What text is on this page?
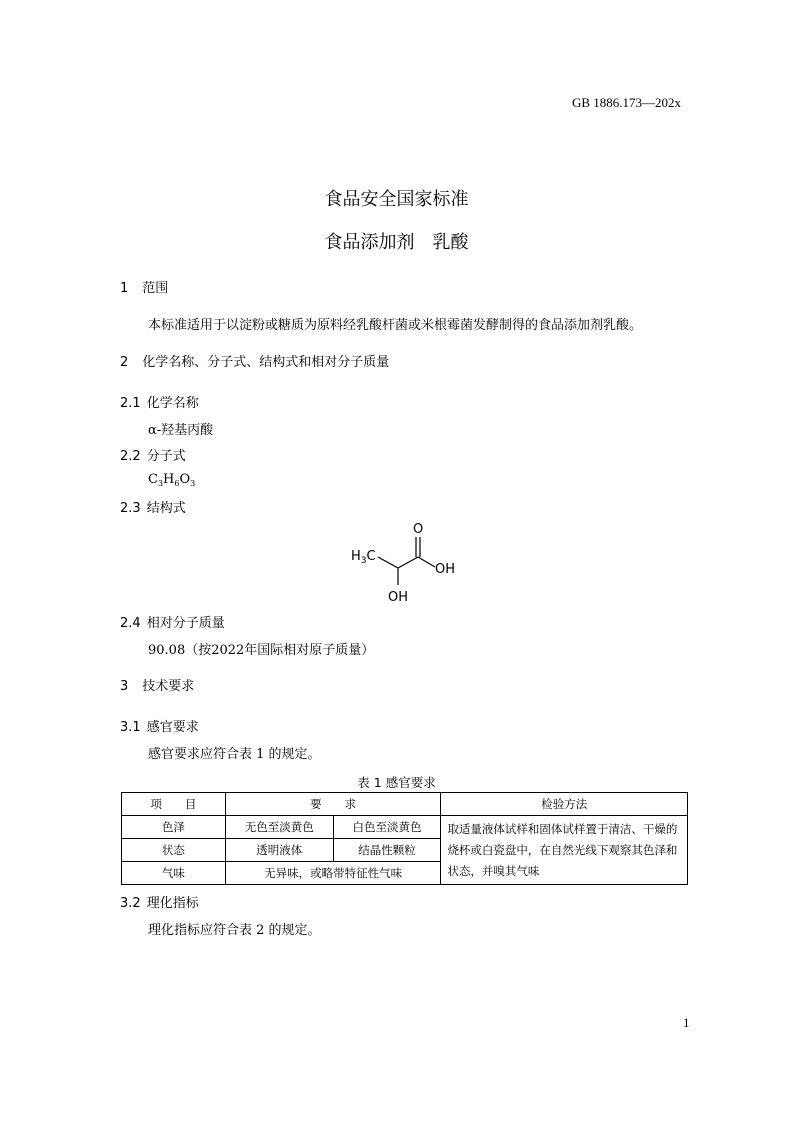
GB 1886.173—202x
食品安全国家标准
食品添加剂　乳酸
1 范围
本标准适用于以淀粉或糖质为原料经乳酸杆菌或米根霉菌发酵制得的食品添加剂乳酸。
2 化学名称、分子式、结构式和相对分子质量
2.1 化学名称
α-羟基丙酸
2.2 分子式
$C_3H_6O_3$
2.3 结构式
O
OH
OH
$H_3C$
2.4 相对分子质量
90.08（按2022年国际相对原子质量）
3 技术要求
3.1 感官要求
感官要求应符合表 1 的规定。
表 1 感官要求
项　　目	要　　求		检验方法
色泽	无色至淡黄色	白色至淡黄色	取适量液体试样和固体试样置于清洁、干燥的烧杯或白瓷盘中，在自然光线下观察其色泽和状态，并嗅其气味
状态	透明液体	结晶性颗粒	
气味	无异味，或略带特征性气味		
3.2 理化指标
理化指标应符合表 2 的规定。
1
